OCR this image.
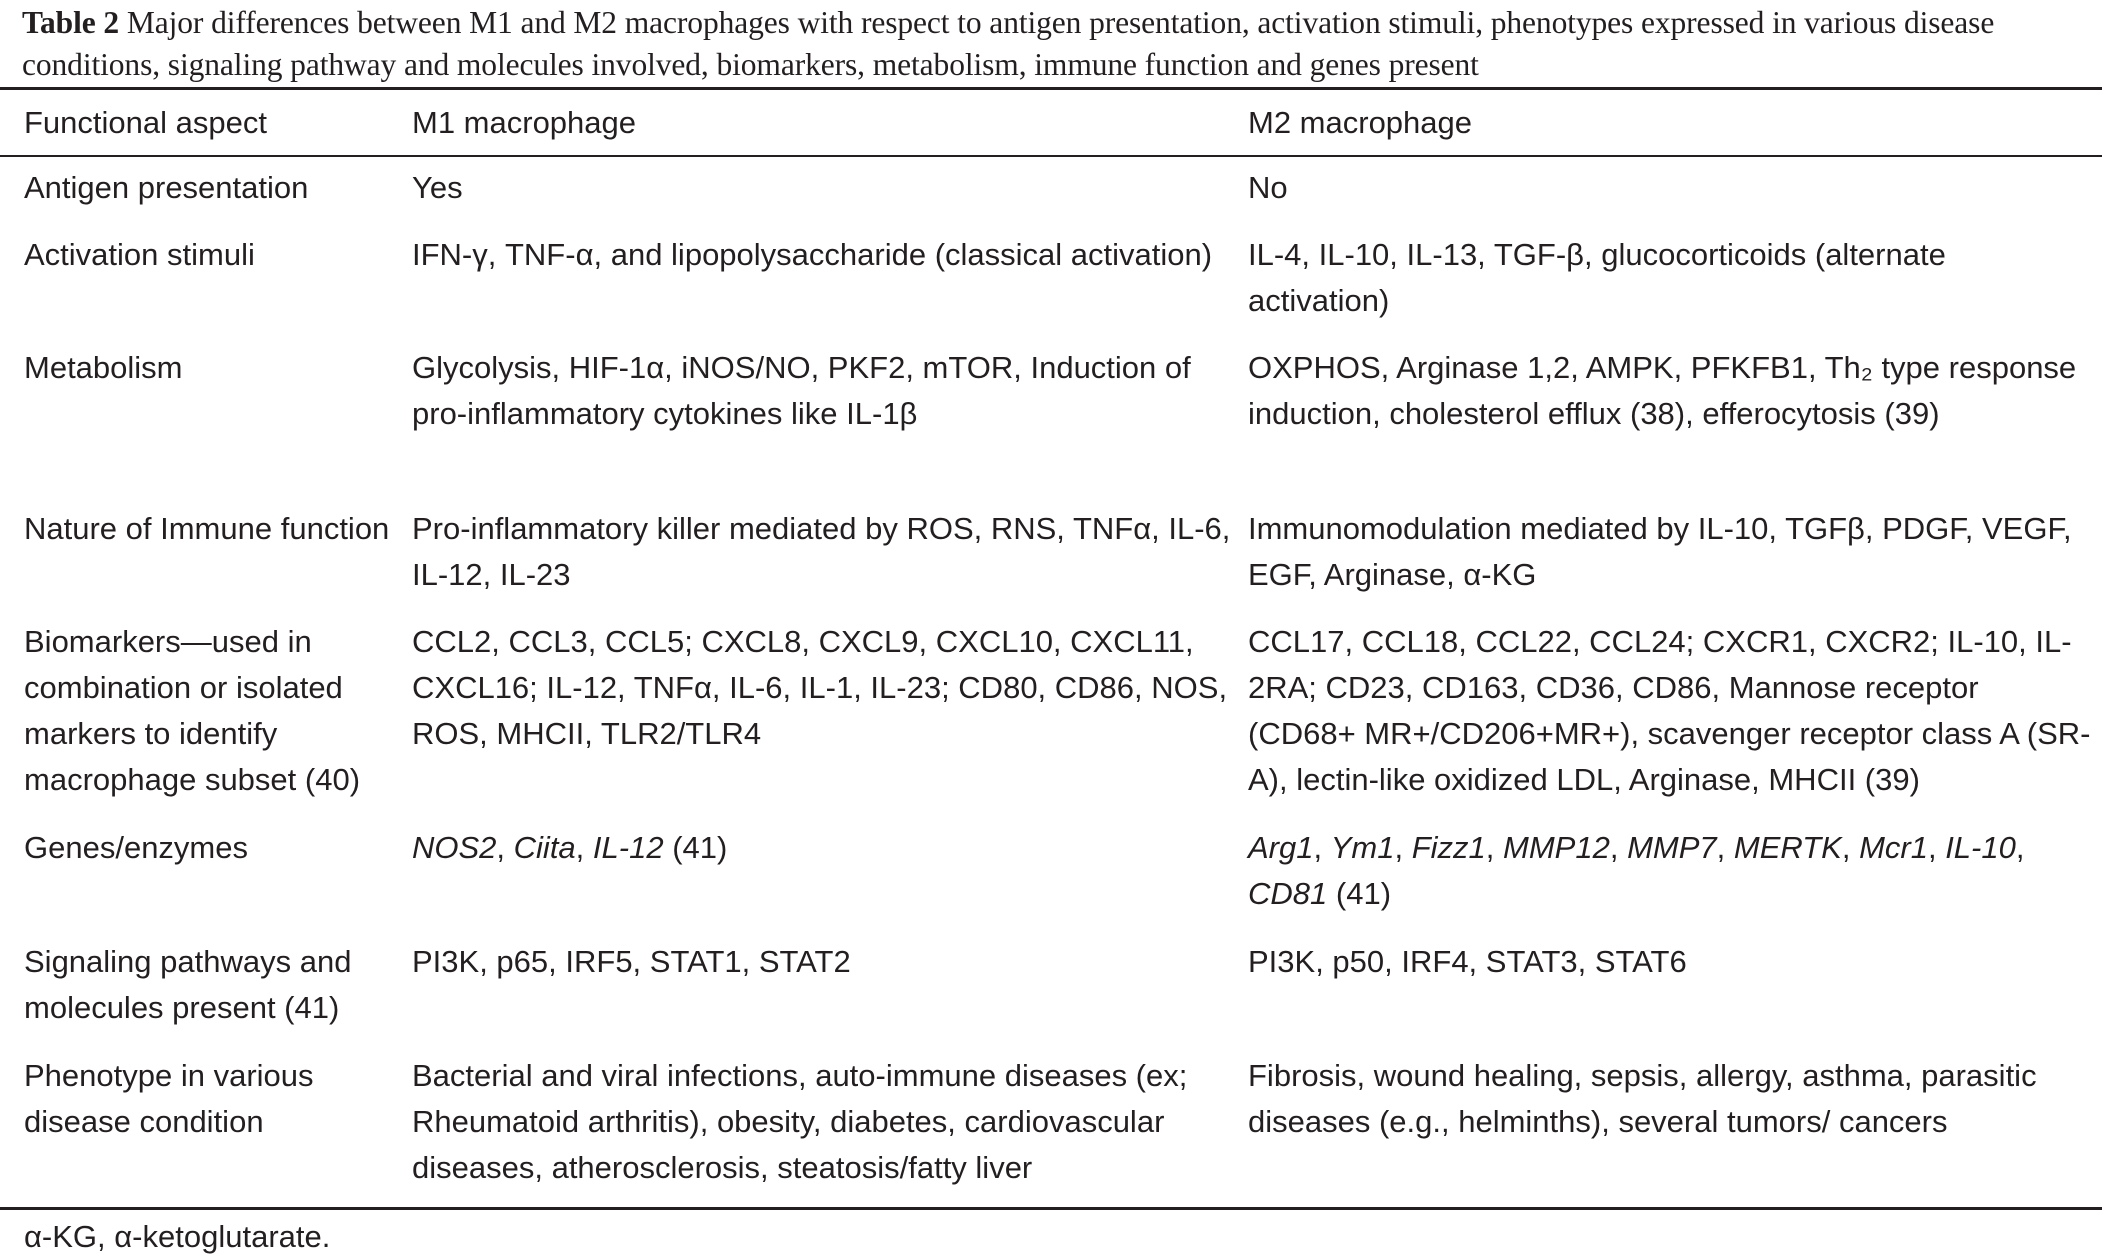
Table 2 Major differences between M1 and M2 macrophages with respect to antigen presentation, activation stimuli, phenotypes expressed in various disease conditions, signaling pathway and molecules involved, biomarkers, metabolism, immune function and genes present
Functional aspect	M1 macrophage	M2 macrophage
Antigen presentation	Yes	No
Activation stimuli	IFN-γ, TNF-α, and lipopolysaccharide (classical activation)	IL-4, IL-10, IL-13, TGF-β, glucocorticoids (alternate activation)
Metabolism	Glycolysis, HIF-1α, iNOS/NO, PKF2, mTOR, Induction of pro-inflammatory cytokines like IL-1β	OXPHOS, Arginase 1,2, AMPK, PFKFB1, Th₂ type response induction, cholesterol efflux (38), efferocytosis (39)
Nature of Immune function	Pro-inflammatory killer mediated by ROS, RNS, TNFα, IL-6, IL-12, IL-23	Immunomodulation mediated by IL-10, TGFβ, PDGF, VEGF, EGF, Arginase, α-KG
Biomarkers—used in combination or isolated markers to identify macrophage subset (40)	CCL2, CCL3, CCL5; CXCL8, CXCL9, CXCL10, CXCL11, CXCL16; IL-12, TNFα, IL-6, IL-1, IL-23; CD80, CD86, NOS, ROS, MHCII, TLR2/TLR4	CCL17, CCL18, CCL22, CCL24; CXCR1, CXCR2; IL-10, IL-2RA; CD23, CD163, CD36, CD86, Mannose receptor (CD68+ MR+/CD206+MR+), scavenger receptor class A (SR-A), lectin-like oxidized LDL, Arginase, MHCII (39)
Genes/enzymes	NOS2, Ciita, IL-12 (41)	Arg1, Ym1, Fizz1, MMP12, MMP7, MERTK, Mcr1, IL-10, CD81 (41)
Signaling pathways and molecules present (41)	PI3K, p65, IRF5, STAT1, STAT2	PI3K, p50, IRF4, STAT3, STAT6
Phenotype in various disease condition	Bacterial and viral infections, auto-immune diseases (ex; Rheumatoid arthritis), obesity, diabetes, cardiovascular diseases, atherosclerosis, steatosis/fatty liver	Fibrosis, wound healing, sepsis, allergy, asthma, parasitic diseases (e.g., helminths), several tumors/ cancers
α-KG, α-ketoglutarate.
